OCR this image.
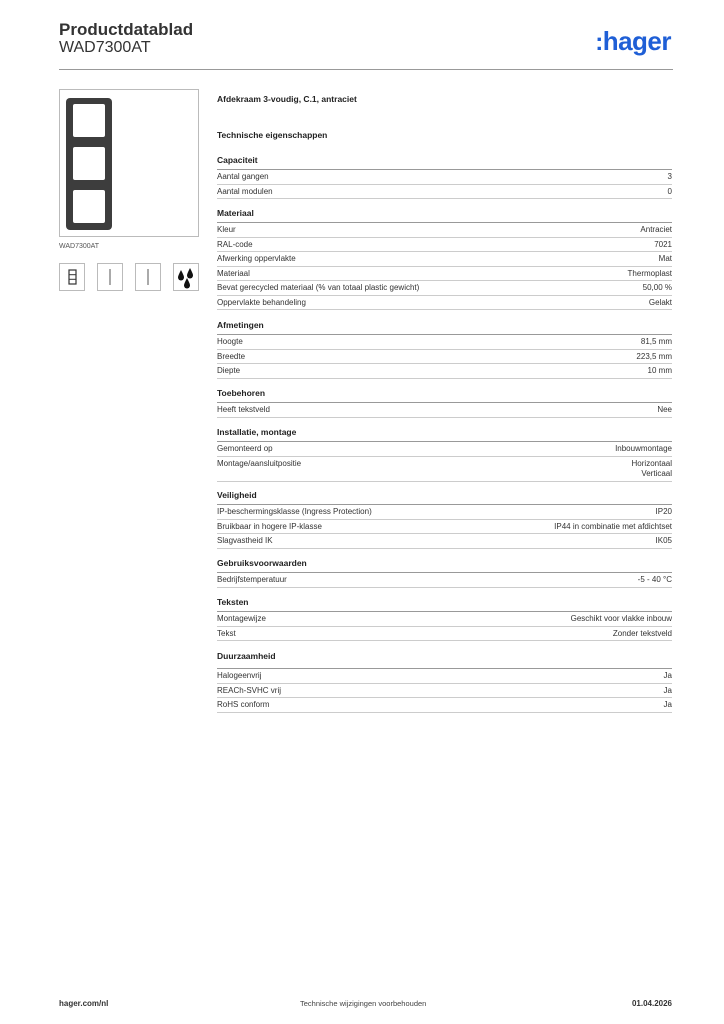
Productdatablad
WAD7300AT	:hager
WAD7300AT
Afdekraam 3-voudig, C.1, antraciet
Technische eigenschappen
Capaciteit
Aantal gangen	3
Aantal modulen	0
Materiaal
Kleur	Antraciet
RAL-code	7021
Afwerking oppervlakte	Mat
Materiaal	Thermoplast
Bevat gerecycled materiaal (% van totaal plastic gewicht)	50,00 %
Oppervlakte behandeling	Gelakt
Afmetingen
Hoogte	81,5 mm
Breedte	223,5 mm
Diepte	10 mm
Toebehoren
Heeft tekstveld	Nee
Installatie, montage
Gemonteerd op	Inbouwmontage
Montage/aansluitpositie	Horizontaal
Verticaal
Veiligheid
IP-beschermingsklasse (Ingress Protection)	IP20
Bruikbaar in hogere IP-klasse	IP44 in combinatie met afdichtset
Slagvastheid IK	IK05
Gebruiksvoorwaarden
Bedrijfstemperatuur	-5 - 40 °C
Teksten
Montagewijze	Geschikt voor vlakke inbouw
Tekst	Zonder tekstveld
Duurzaamheid
Halogeenvrij	Ja
REACh-SVHC vrij	Ja
RoHS conform	Ja
hager.com/nl	Technische wijzigingen voorbehouden	01.04.2026
